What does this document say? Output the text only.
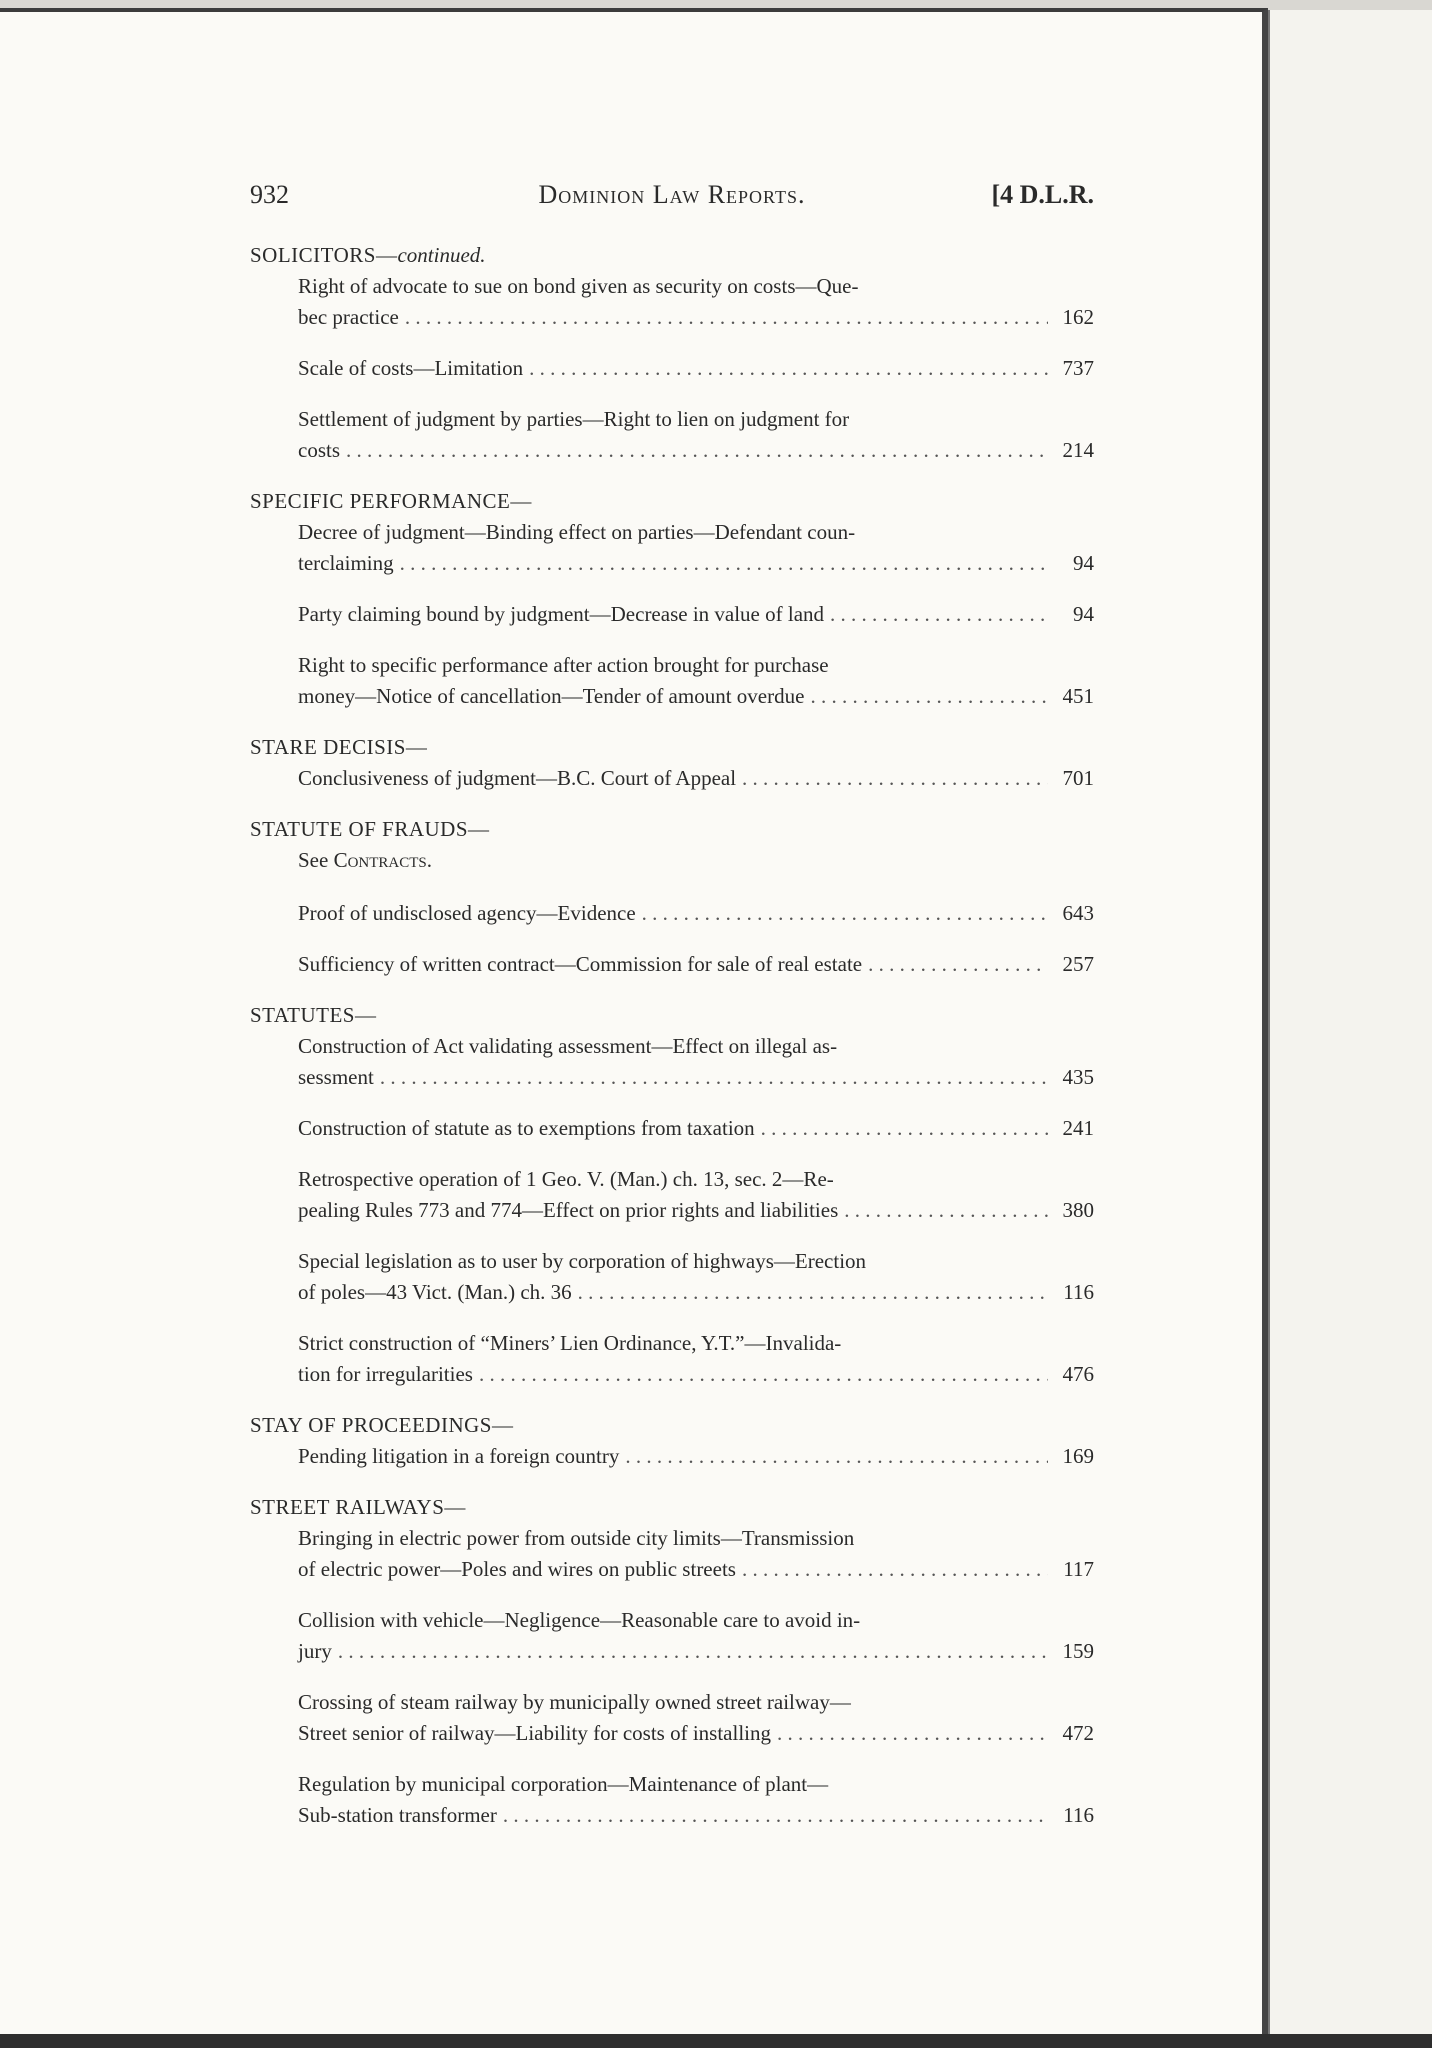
932	Dominion Law Reports.	[4 D.L.R.
SOLICITORS—continued.
Right of advocate to sue on bond given as security on costs—Que-
bec practice . . .	162
Scale of costs—Limitation . . .	737
Settlement of judgment by parties—Right to lien on judgment for
costs . . .	214
SPECIFIC PERFORMANCE—
Decree of judgment—Binding effect on parties—Defendant coun-
terclaiming . . .	94
Party claiming bound by judgment—Decrease in value of land . . .	94
Right to specific performance after action brought for purchase
money—Notice of cancellation—Tender of amount overdue . . .	451
STARE DECISIS—
Conclusiveness of judgment—B.C. Court of Appeal . . .	701
STATUTE OF FRAUDS—
See Contracts.
Proof of undisclosed agency—Evidence . . .	643
Sufficiency of written contract—Commission for sale of real estate . . .	257
STATUTES—
Construction of Act validating assessment—Effect on illegal as-
sessment . . .	435
Construction of statute as to exemptions from taxation . . .	241
Retrospective operation of 1 Geo. V. (Man.) ch. 13, sec. 2—Re-
pealing Rules 773 and 774—Effect on prior rights and liabilities . . .	380
Special legislation as to user by corporation of highways—Erection
of poles—43 Vict. (Man.) ch. 36 . . .	116
Strict construction of “Miners’ Lien Ordinance, Y.T.”—Invalida-
tion for irregularities . . .	476
STAY OF PROCEEDINGS—
Pending litigation in a foreign country . . .	169
STREET RAILWAYS—
Bringing in electric power from outside city limits—Transmission
of electric power—Poles and wires on public streets . . .	117
Collision with vehicle—Negligence—Reasonable care to avoid in-
jury . . .	159
Crossing of steam railway by municipally owned street railway—
Street senior of railway—Liability for costs of installing . . .	472
Regulation by municipal corporation—Maintenance of plant—
Sub-station transformer . . .	116
